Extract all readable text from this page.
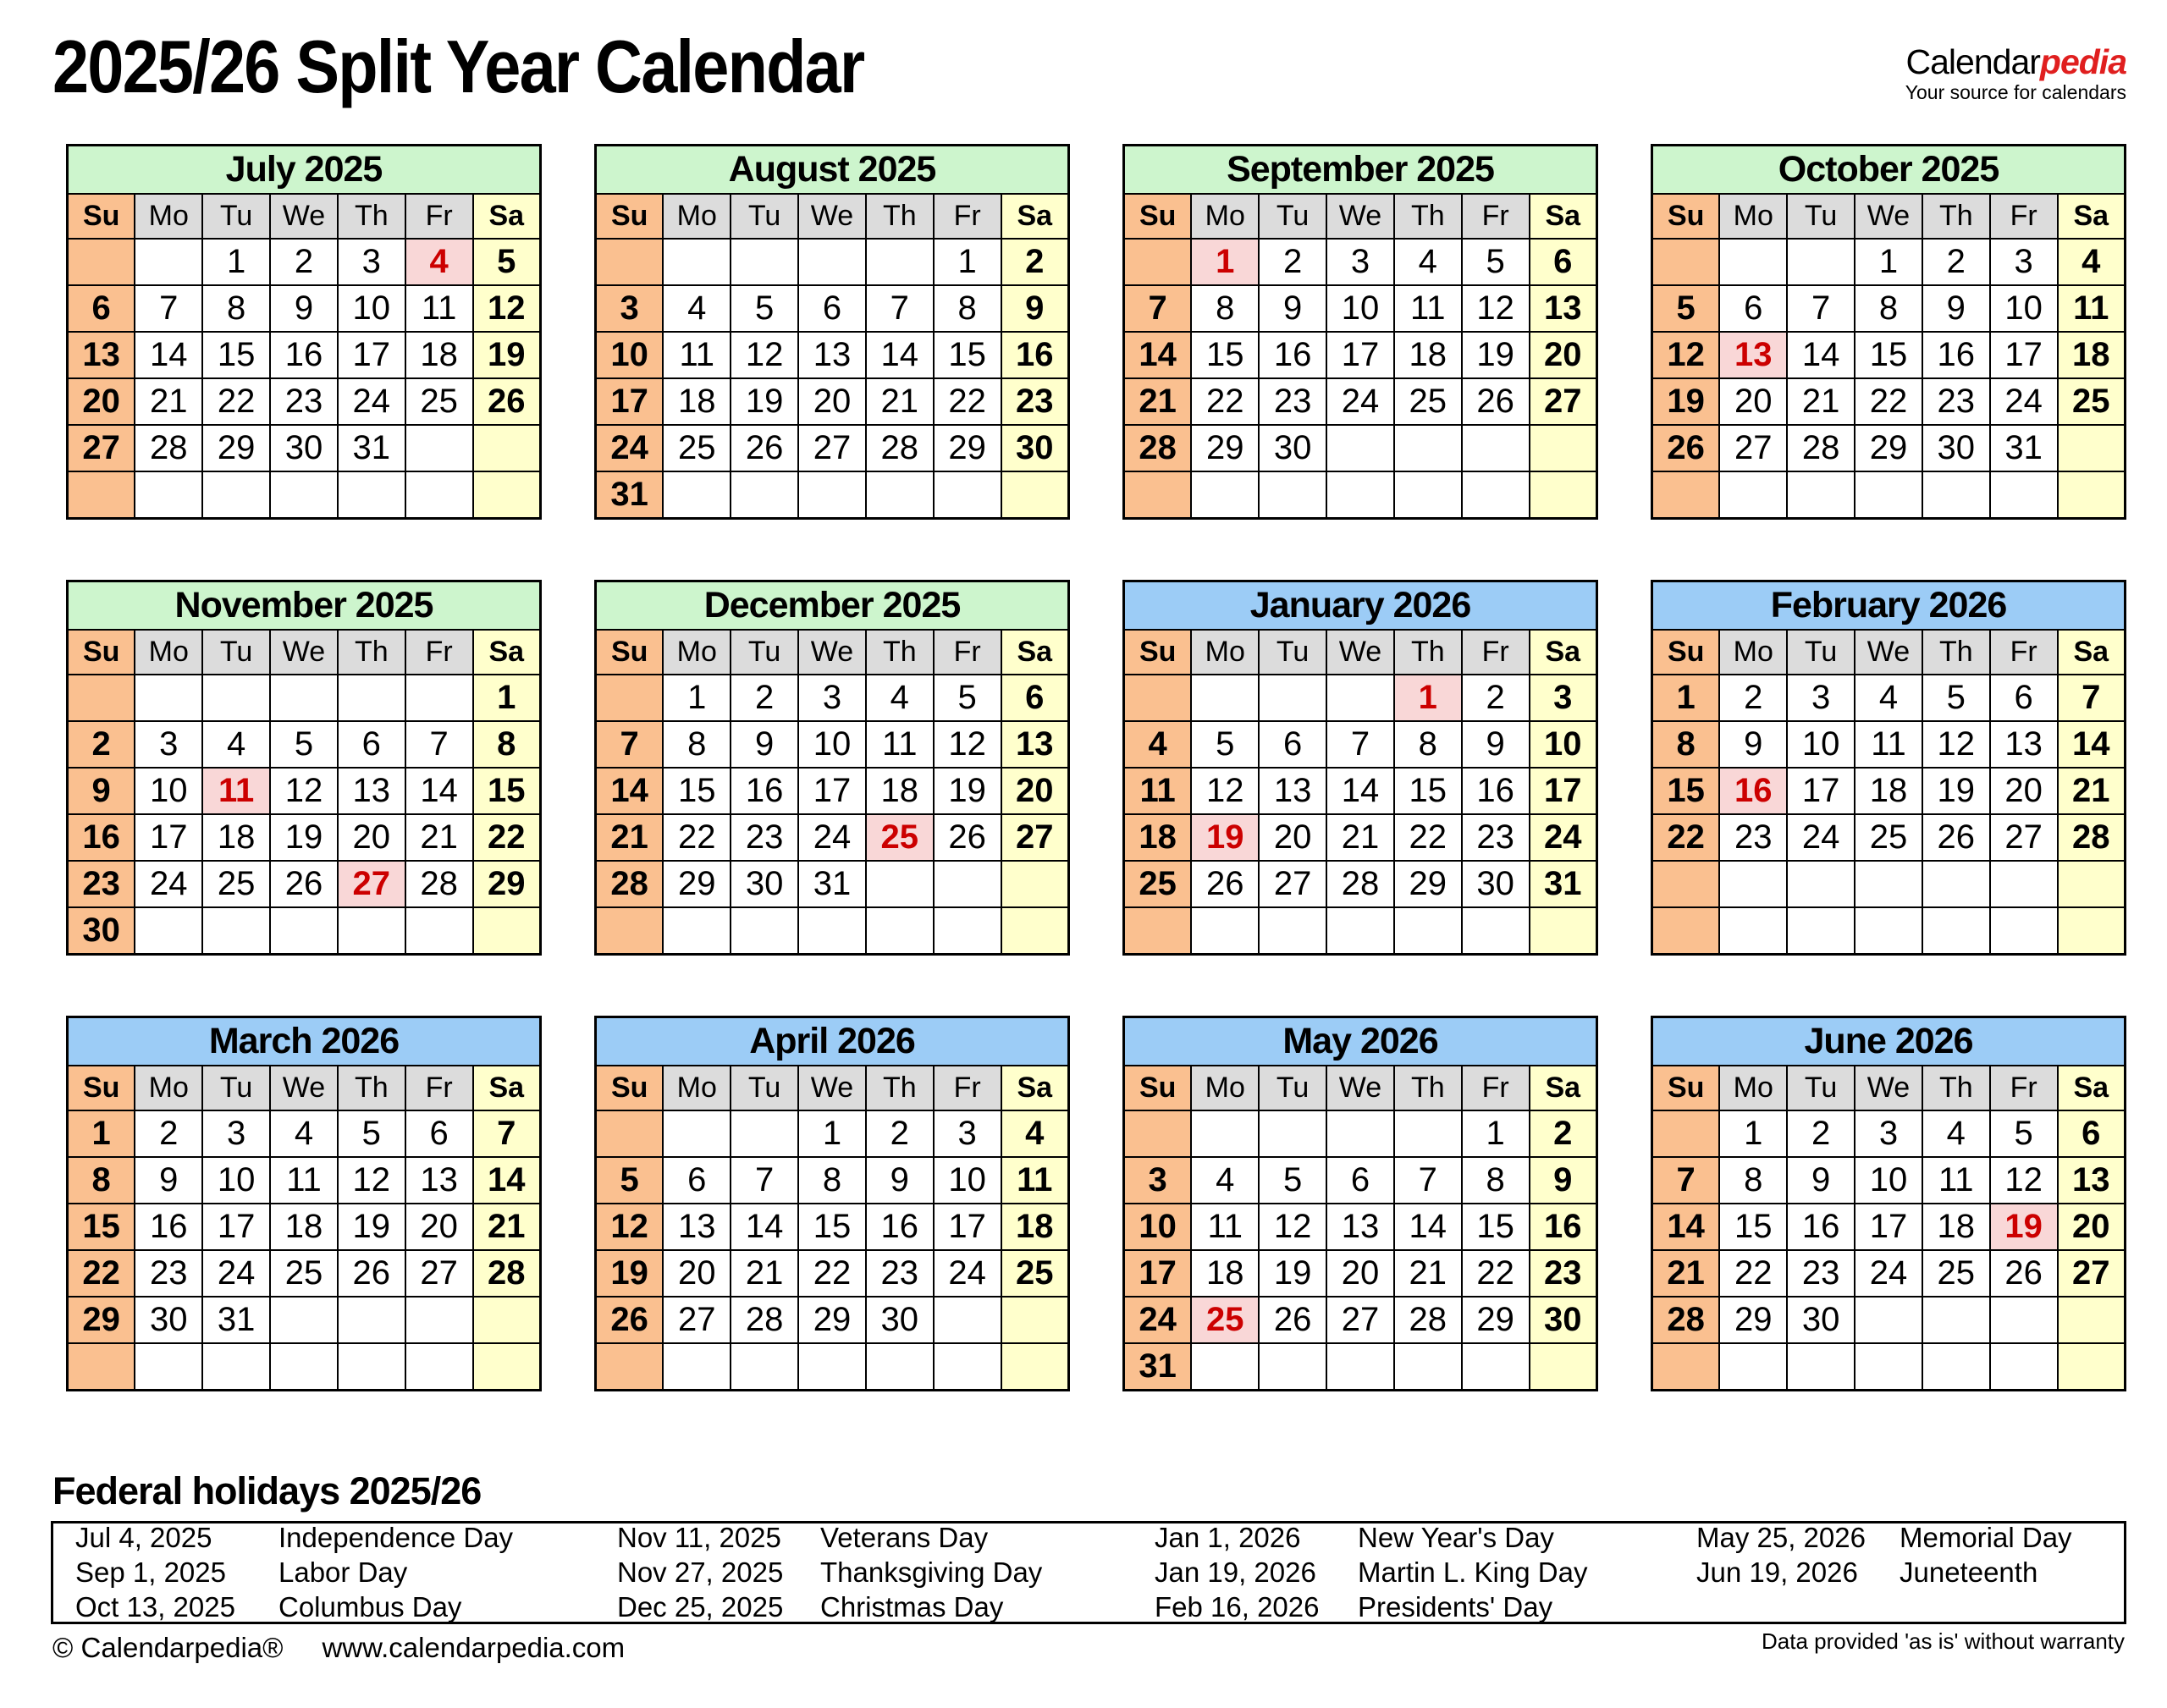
2025/26 Split Year Calendar	Calendarpedia
Your source for calendars
July 2025						
Su	Mo	Tu	We	Th	Fr	Sa
		1	2	3	4	5
6	7	8	9	10	11	12
13	14	15	16	17	18	19
20	21	22	23	24	25	26
27	28	29	30	31		

August 2025						
Su	Mo	Tu	We	Th	Fr	Sa
					1	2
3	4	5	6	7	8	9
10	11	12	13	14	15	16
17	18	19	20	21	22	23
24	25	26	27	28	29	30
31						
September 2025						
Su	Mo	Tu	We	Th	Fr	Sa
	1	2	3	4	5	6
7	8	9	10	11	12	13
14	15	16	17	18	19	20
21	22	23	24	25	26	27
28	29	30				

October 2025						
Su	Mo	Tu	We	Th	Fr	Sa
			1	2	3	4
5	6	7	8	9	10	11
12	13	14	15	16	17	18
19	20	21	22	23	24	25
26	27	28	29	30	31	

November 2025						
Su	Mo	Tu	We	Th	Fr	Sa
						1
2	3	4	5	6	7	8
9	10	11	12	13	14	15
16	17	18	19	20	21	22
23	24	25	26	27	28	29
30						
December 2025						
Su	Mo	Tu	We	Th	Fr	Sa
	1	2	3	4	5	6
7	8	9	10	11	12	13
14	15	16	17	18	19	20
21	22	23	24	25	26	27
28	29	30	31			

January 2026						
Su	Mo	Tu	We	Th	Fr	Sa
				1	2	3
4	5	6	7	8	9	10
11	12	13	14	15	16	17
18	19	20	21	22	23	24
25	26	27	28	29	30	31

February 2026						
Su	Mo	Tu	We	Th	Fr	Sa
1	2	3	4	5	6	7
8	9	10	11	12	13	14
15	16	17	18	19	20	21
22	23	24	25	26	27	28

March 2026						
Su	Mo	Tu	We	Th	Fr	Sa
1	2	3	4	5	6	7
8	9	10	11	12	13	14
15	16	17	18	19	20	21
22	23	24	25	26	27	28
29	30	31				

April 2026						
Su	Mo	Tu	We	Th	Fr	Sa
			1	2	3	4
5	6	7	8	9	10	11
12	13	14	15	16	17	18
19	20	21	22	23	24	25
26	27	28	29	30		

May 2026						
Su	Mo	Tu	We	Th	Fr	Sa
					1	2
3	4	5	6	7	8	9
10	11	12	13	14	15	16
17	18	19	20	21	22	23
24	25	26	27	28	29	30
31						
June 2026						
Su	Mo	Tu	We	Th	Fr	Sa
	1	2	3	4	5	6
7	8	9	10	11	12	13
14	15	16	17	18	19	20
21	22	23	24	25	26	27
28	29	30				

Federal holidays 2025/26
Jul 4, 2025	Independence Day	Nov 11, 2025	Veterans Day	Jan 1, 2026	New Year's Day	May 25, 2026	Memorial Day
Sep 1, 2025	Labor Day	Nov 27, 2025	Thanksgiving Day	Jan 19, 2026	Martin L. King Day	Jun 19, 2026	Juneteenth
Oct 13, 2025	Columbus Day	Dec 25, 2025	Christmas Day	Feb 16, 2026	Presidents' Day
© Calendarpedia® www.calendarpedia.com	Data provided 'as is' without warranty
